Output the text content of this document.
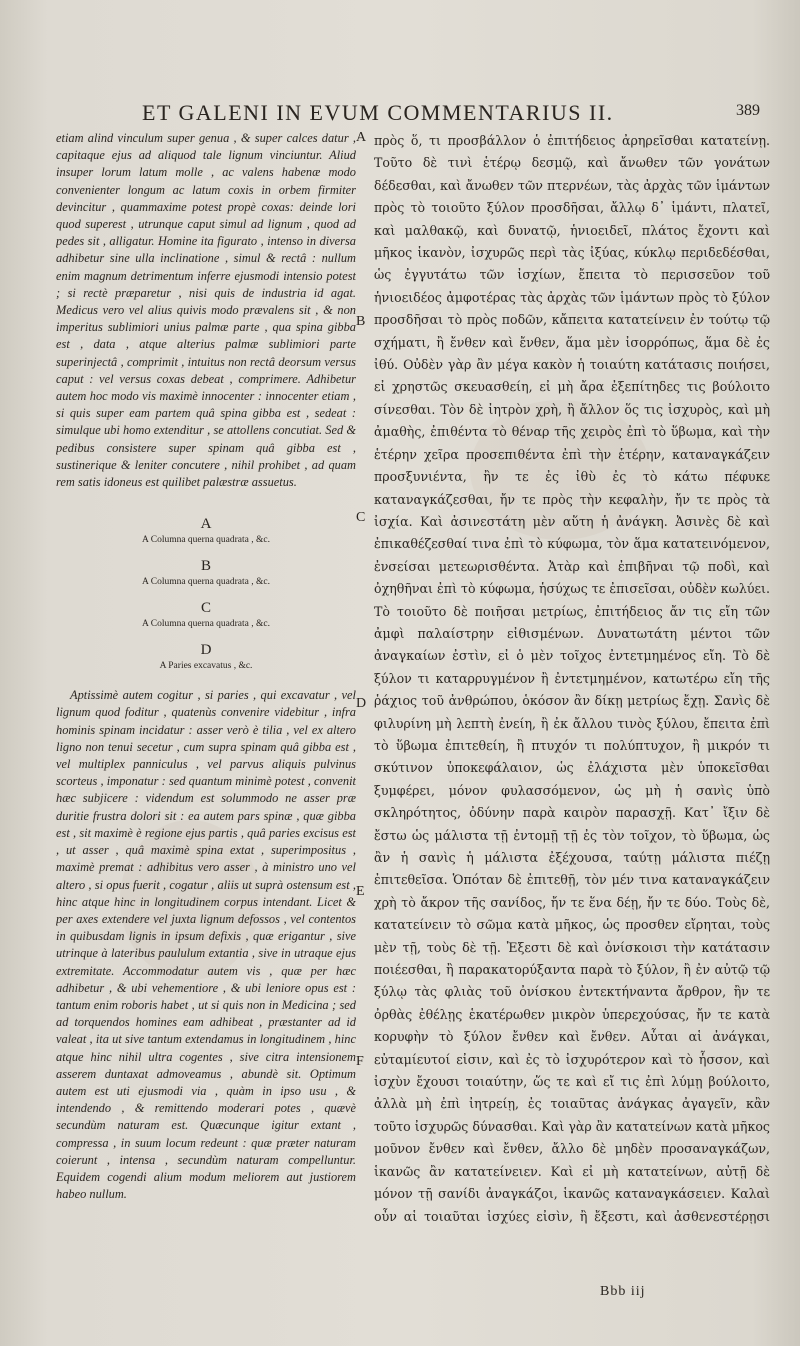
ET GALENI IN EVUM COMMENTARIUS II.	389

etiam alind vinculum super genua , & super calces datur , capitaque ejus ad aliquod tale lignum vinciuntur. Aliud insuper lorum latum molle , ac valens habenæ modo convenienter longum ac latum coxis in orbem firmiter devincitur , quammaxime potest propè coxas: deinde lori quod superest , utrunque caput simul ad lignum , quod ad pedes sit , alligatur. Homine ita figurato , intenso in diversa adhibetur sine ulla inclinatione , simul & rectâ : nullum enim magnum detrimentum inferre ejusmodi intensio potest ; si rectè præparetur , nisi quis de industria id agat. Medicus vero vel alius quivis modo prævalens sit , & non imperitus sublimiori unius palmæ parte , qua spina gibba est , data , atque alterius palmæ sublimiori parte superinjectâ , comprimit , intuitus non rectâ deorsum versus caput : vel versus coxas debeat , comprimere. Adhibetur autem hoc modo vis maximè innocenter : innocenter etiam , si quis super eam partem quâ spina gibba est , sedeat : simulque ubi homo extenditur , se attollens concutiat. Sed & pedibus consistere super spinam quâ gibba est , sustinerique & leniter concutere , nihil prohibet , ad quam rem satis idoneus est quilibet palæstræ assuetus.

A
A Columna querna quadrata , &c.
B
A Columna querna quadrata , &c.
C
A Columna querna quadrata , &c.
D
A Paries excavatus , &c.

Aptissimè autem cogitur , si paries , qui excavatur , vel lignum quod foditur , quatenùs convenire videbitur , infra hominis spinam incidatur : asser verò è tilia , vel ex altero ligno non tenui secetur , cum supra spinam quâ gibba est , vel multiplex panniculus , vel parvus aliquis pulvinus scorteus , imponatur : sed quantum minimè potest , convenit hæc subjicere : videndum est solummodo ne asser præ duritie frustra dolori sit : ea autem pars spinæ , quæ gibba est , sit maximè è regione ejus partis , quâ paries excisus est , ut asser , quâ maximè spina extat , superimpositus , maximè premat : adhibitus vero asser , à ministro uno vel altero , si opus fuerit , cogatur , aliis ut suprà ostensum est , hinc atque hinc in longitudinem corpus intendant. Licet & per axes extendere vel juxta lignum defossos , vel contentos in quibusdam lignis in ipsum defixis , quæ erigantur , sive utrinque à lateribus paululum extantia , sive in utraque ejus extremitate. Accommodatur autem vis , quæ per hæc adhibetur , & ubi vehementiore , & ubi leniore opus est : tantum enim roboris habet , ut si quis non in Medicina ; sed ad torquendos homines eam adhibeat , præstanter ad id valeat , ita ut sive tantum extendamus in longitudinem , hinc atque hinc nihil ultra cogentes , sive citra intensionem asserem duntaxat admoveamus , abundè sit. Optimum autem est uti ejusmodi via , quàm in ipso usu , & intendendo , & remittendo moderari potes , quævè secundùm naturam est. Quæcunque igitur extant , compressa , in suum locum redeunt : quæ præter naturam coierunt , intensa , secundùm naturam compelluntur. Equidem cogendi alium modum meliorem aut justiorem habeo nullum.

A
B
C
D
E
F

πρὸς ὅ, τι προσβάλλον ὁ ἐπιτήδειος ἀρηρεῖσθαι κατατείνῃ. Τοῦτο δὲ τινὶ ἑτέρῳ δεσμῷ, καὶ ἄνωθεν τῶν γονάτων δέδεσθαι, καὶ ἄνωθεν τῶν πτερνέων, τὰς ἀρχὰς τῶν ἱμάντων πρὸς τὸ τοιοῦτο ξύλον προσδῆσαι, ἄλλῳ δ᾽ ἱμάντι, πλατεῖ, καὶ μαλθακῷ, καὶ δυνατῷ, ἡνιοειδεῖ, πλάτος ἔχοντι καὶ μῆκος ἱκανὸν, ἰσχυρῶς περὶ τὰς ἰξύας, κύκλῳ περιδεδέσθαι, ὡς ἐγγυτάτω τῶν ἰσχίων, ἔπειτα τὸ περισσεῦον τοῦ ἡνιοειδέος ἀμφοτέρας τὰς ἀρχὰς τῶν ἱμάντων πρὸς τὸ ξύλον προσδῆσαι τὸ πρὸς ποδῶν, κἄπειτα κατατείνειν ἐν τούτῳ τῷ σχήματι, ἢ ἔνθεν καὶ ἔνθεν, ἅμα μὲν ἰσορρόπως, ἅμα δὲ ἐς ἰθύ. Οὐδὲν γὰρ ἂν μέγα κακὸν ἡ τοιαύτη κατάτασις ποιήσει, εἰ χρηστῶς σκευασθείη, εἰ μὴ ἄρα ἐξεπίτηδες τις βούλοιτο σίνεσθαι. Τὸν δὲ ἰητρὸν χρὴ, ἢ ἄλλον ὅς τις ἰσχυρὸς, καὶ μὴ ἀμαθὴς, ἐπιθέντα τὸ θέναρ τῆς χειρὸς ἐπὶ τὸ ὕβωμα, καὶ τὴν ἑτέρην χεῖρα προσεπιθέντα ἐπὶ τὴν ἑτέρην, καταναγκάζειν προσξυνιέντα, ἢν τε ἐς ἰθὺ ἐς τὸ κάτω πέφυκε καταναγκάζεσθαι, ἤν τε πρὸς τὴν κεφαλὴν, ἤν τε πρὸς τὰ ἰσχία. Καὶ ἀσινεστάτη μὲν αὕτη ἡ ἀνάγκη. Ἀσινὲς δὲ καὶ ἐπικαθέζεσθαί τινα ἐπὶ τὸ κύφωμα, τὸν ἅμα κατατεινόμενον, ἐνσείσαι μετεωρισθέντα. Ἀτὰρ καὶ ἐπιβῆναι τῷ ποδὶ, καὶ ὀχηθῆναι ἐπὶ τὸ κύφωμα, ἡσύχως τε ἐπισεῖσαι, οὐδὲν κωλύει. Τὸ τοιοῦτο δὲ ποιῆσαι μετρίως, ἐπιτήδειος ἄν τις εἴη τῶν ἀμφὶ παλαίστρην εἰθισμένων. Δυνατωτάτη μέντοι τῶν ἀναγκαίων ἐστὶν, εἰ ὁ μὲν τοῖχος ἐντετμημένος εἴη. Τὸ δὲ ξύλον τι καταρρυγμένον ἢ ἐντετμημένον, κατωτέρω εἴη τῆς ῥάχιος τοῦ ἀνθρώπου, ὁκόσον ἂν δίκῃ μετρίως ἔχῃ. Σανὶς δὲ φιλυρίνη μὴ λεπτὴ ἐνείη, ἢ ἐκ ἄλλου τινὸς ξύλου, ἔπειτα ἐπὶ τὸ ὕβωμα ἐπιτεθείη, ἢ πτυχόν τι πολύπτυχον, ἢ μικρόν τι σκύτινον ὑποκεφάλαιον, ὡς ἐλάχιστα μὲν ὑποκεῖσθαι ξυμφέρει, μόνον φυλασσόμενον, ὡς μὴ ἡ σανὶς ὑπὸ σκληρότητος, ὀδύνην παρὰ καιρὸν παρασχῇ. Κατ᾽ ἴξιν δὲ ἔστω ὡς μάλιστα τῇ ἐντομῇ τῇ ἐς τὸν τοῖχον, τὸ ὕβωμα, ὡς ἂν ἡ σανὶς ἡ μάλιστα ἐξέχουσα, ταύτῃ μάλιστα πιέζῃ ἐπιτεθεῖσα. Ὁπόταν δὲ ἐπιτεθῇ, τὸν μέν τινα καταναγκάζειν χρὴ τὸ ἄκρον τῆς σανίδος, ἤν τε ἕνα δέῃ, ἤν τε δύο. Τοὺς δὲ, κατατείνειν τὸ σῶμα κατὰ μῆκος, ὡς προσθεν εἴρηται, τοὺς μὲν τῇ, τοὺς δὲ τῇ. Ἐξεστι δὲ καὶ ὀνίσκοισι τὴν κατάτασιν ποιέεσθαι, ἢ παρακατορύξαντα παρὰ τὸ ξύλον, ἢ ἐν αὐτῷ τῷ ξύλῳ τὰς φλιὰς τοῦ ὀνίσκου ἐντεκτήναντα ἄρθρον, ἢν τε ὀρθὰς ἐθέλῃς ἑκατέρωθεν μικρὸν ὑπερεχούσας, ἤν τε κατὰ κορυφὴν τὸ ξύλον ἔνθεν καὶ ἔνθεν. Αὗται αἱ ἀνάγκαι, εὐταμίευτοί εἰσιν, καὶ ἐς τὸ ἰσχυρότερον καὶ τὸ ἧσσον, καὶ ἰσχὺν ἔχουσι τοιαύτην, ὥς τε καὶ εἴ τις ἐπὶ λύμῃ βούλοιτο, ἀλλὰ μὴ ἐπὶ ἰητρείῃ, ἐς τοιαῦτας ἀνάγκας ἀγαγεῖν, κἂν τοῦτο ἰσχυρῶς δύνασθαι. Καὶ γὰρ ἂν κατατείνων κατὰ μῆκος μοῦνον ἔνθεν καὶ ἔνθεν, ἄλλο δὲ μηδὲν προσαναγκάζων, ἱκανῶς ἂν κατατείνειεν. Καὶ εἰ μὴ κατατείνων, αὐτῇ δὲ μόνον τῇ σανίδι ἀναγκάζοι, ἱκανῶς καταναγκάσειεν. Καλαὶ οὖν αἱ τοιαῦται ἰσχύες εἰσὶν, ἢ ἔξεστι, καὶ ἀσθενεστέρῃσι

Bbb iij
